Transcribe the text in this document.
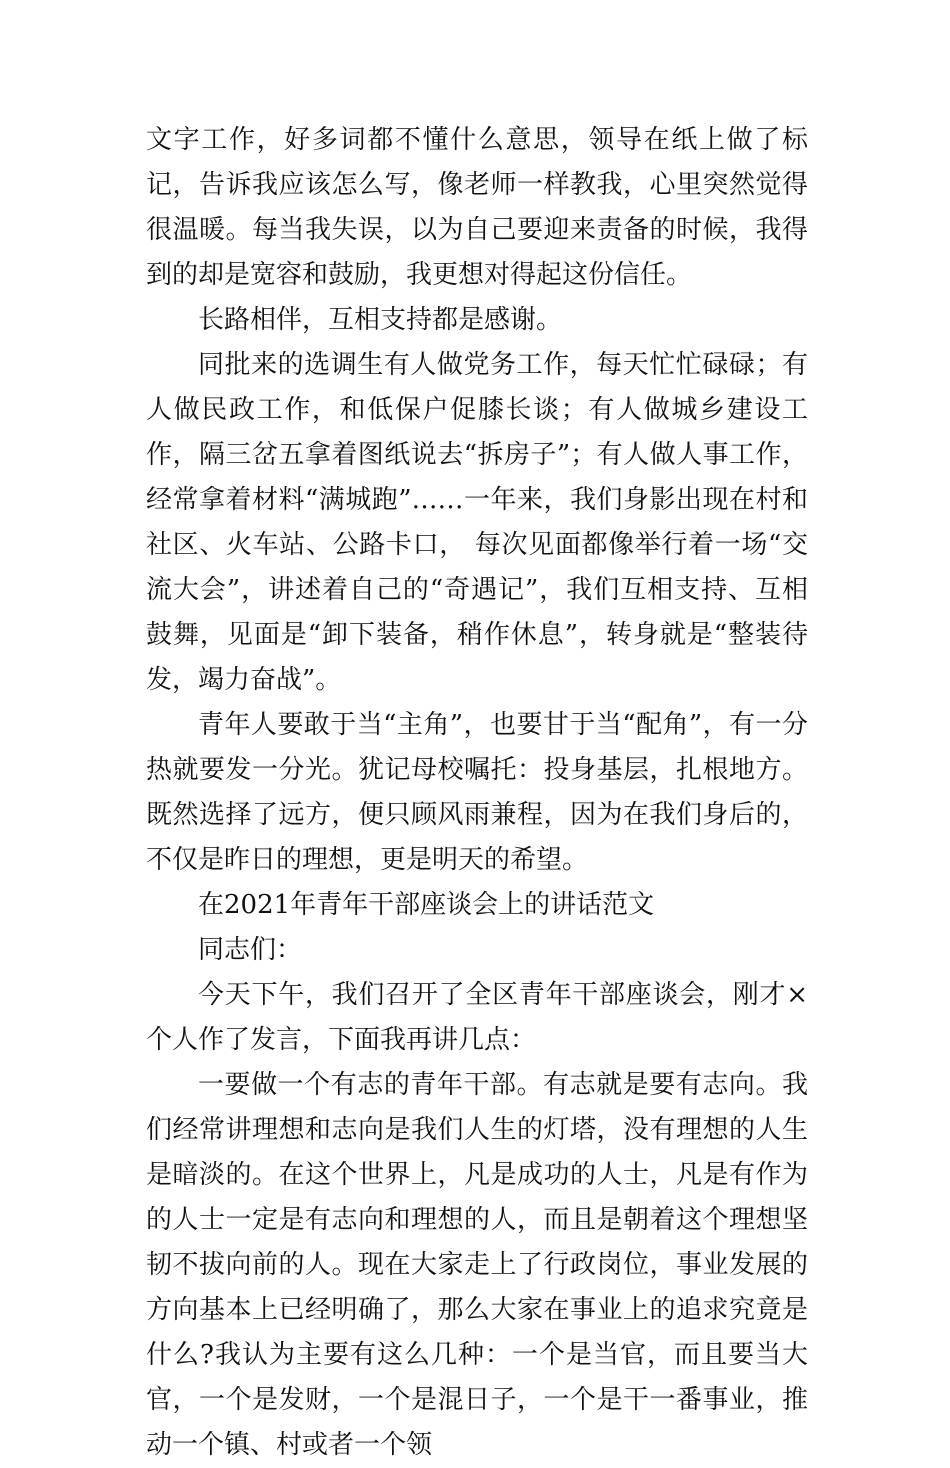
文字工作，好多词都不懂什么意思，领导在纸上做了标记，告诉我应该怎么写，像老师一样教我，心里突然觉得很温暖。每当我失误，以为自己要迎来责备的时候，我得到的却是宽容和鼓励，我更想对得起这份信任。

长路相伴，互相支持都是感谢。

同批来的选调生有人做党务工作，每天忙忙碌碌；有人做民政工作，和低保户促膝长谈；有人做城乡建设工作，隔三岔五拿着图纸说去“拆房子”；有人做人事工作，经常拿着材料“满城跑”……一年来，我们身影出现在村和社区、火车站、公路卡口， 每次见面都像举行着一场“交流大会”，讲述着自己的“奇遇记”，我们互相支持、互相鼓舞，见面是“卸下装备，稍作休息”，转身就是“整装待发，竭力奋战”。

青年人要敢于当“主角”，也要甘于当“配角”，有一分热就要发一分光。犹记母校嘱托：投身基层，扎根地方。既然选择了远方，便只顾风雨兼程，因为在我们身后的，不仅是昨日的理想，更是明天的希望。

在2021年青年干部座谈会上的讲话范文

同志们：

今天下午，我们召开了全区青年干部座谈会，刚才×个人作了发言，下面我再讲几点：

一要做一个有志的青年干部。有志就是要有志向。我们经常讲理想和志向是我们人生的灯塔，没有理想的人生是暗淡的。在这个世界上，凡是成功的人士，凡是有作为的人士一定是有志向和理想的人，而且是朝着这个理想坚韧不拔向前的人。现在大家走上了行政岗位，事业发展的方向基本上已经明确了，那么大家在事业上的追求究竟是什么?我认为主要有这么几种：一个是当官，而且要当大官，一个是发财，一个是混日子，一个是干一番事业，推动一个镇、村或者一个领
